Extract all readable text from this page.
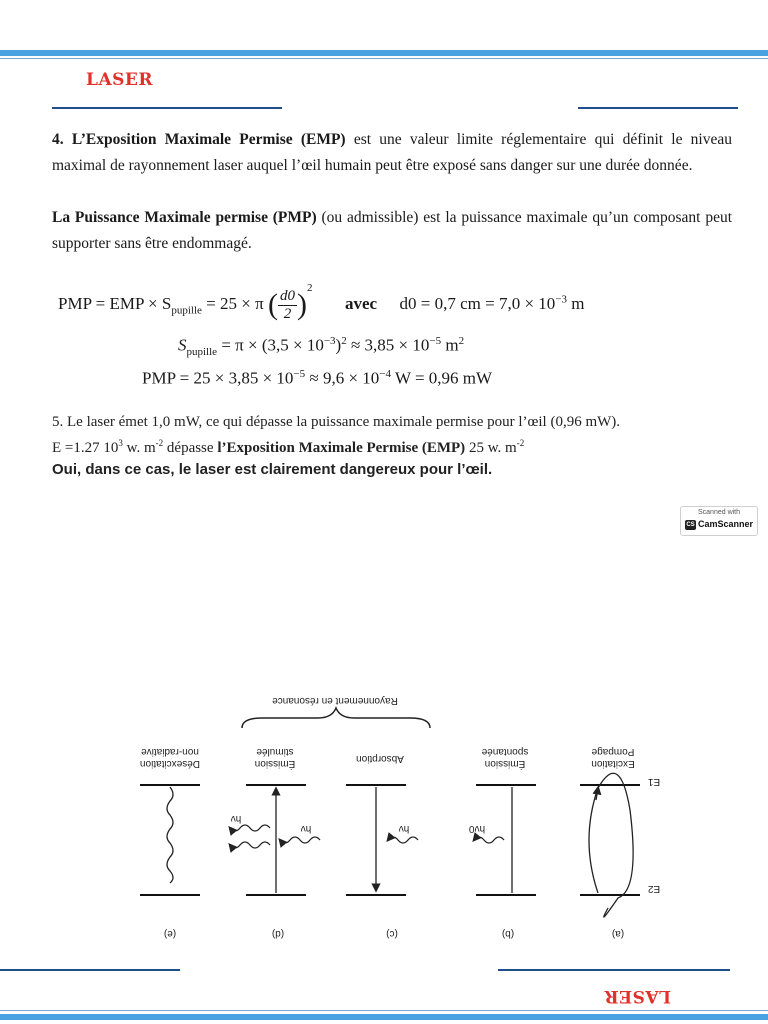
LASER
4. L’Exposition Maximale Permise (EMP) est une valeur limite réglementaire qui définit le niveau maximal de rayonnement laser auquel l’œil humain peut être exposé sans danger sur une durée donnée.
La Puissance Maximale permise (PMP) (ou admissible) est la puissance maximale qu’un composant peut supporter sans être endommagé.
PMP = EMP × $S_{pupille} = 25 \times \pi$ ( $\frac{d0}{2} )^2$  avec d0 = 0,7 cm = $7,0 \times 10^{-3}$ m
$S_{pupille} = \pi \times (3,5 \times 10^{-3})^2 \approx 3,85 \times 10^{-5}$ $m^2$
PMP = $25 \times 3,85 \times 10^{-5} \approx 9,6 \times 10^{-4}$ W = 0,96 mW
5. Le laser émet 1,0 mW, ce qui dépasse la puissance maximale permise pour l’œil (0,96 mW).
E =1.27 $10^3$ w. $m^{-2}$ dépasse l’Exposition Maximale Permise (EMP) 25 w. $m^{-2}$
Oui, dans ce cas, le laser est clairement dangereux pour l’œil.
Scanned with
CS CamScanner
Rayonnement en résonance
Désexcitation non-radiative
Émission stimulée
Absorption	Émission spontanée
Excitation Pompage
E1
E2
hν
hν	hν	hν0
(e)	(d)	(c)	(b)	(a)
LASER
